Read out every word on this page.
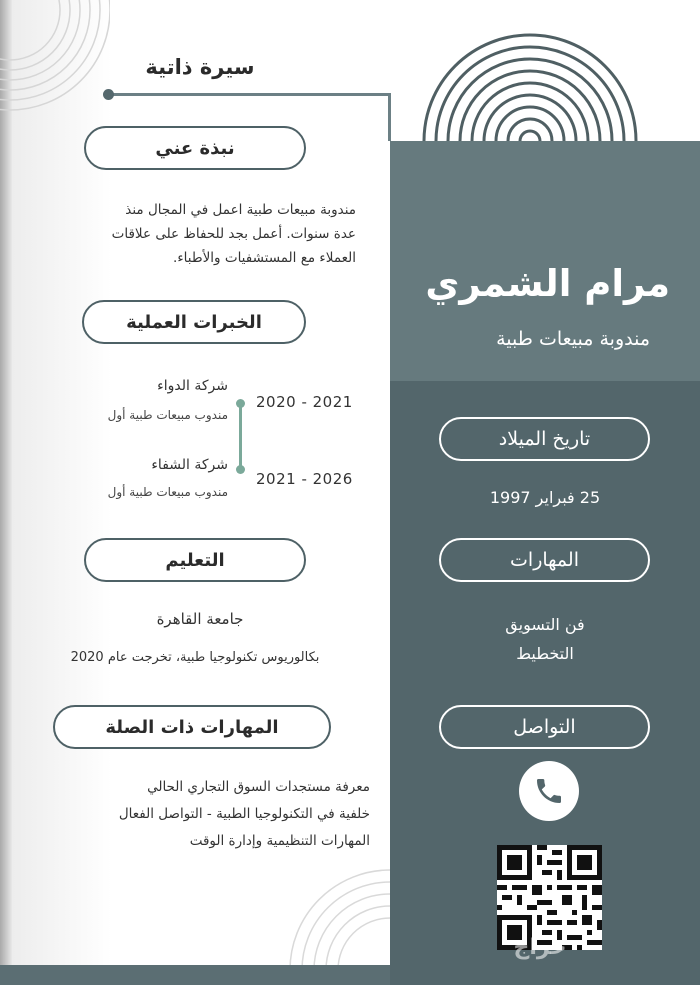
سيرة ذاتية
نبذة عني
مندوبة مبيعات طبية اعمل في المجال منذ
عدة سنوات. أعمل بجد للحفاظ على علاقات
العملاء مع المستشفيات والأطباء.
الخبرات العملية
شركة الدواء
مندوب مبيعات طبية أول
2020 - 2021
شركة الشفاء
مندوب مبيعات طبية أول
2021 - 2026
التعليم
جامعة القاهرة
بكالوريوس تكنولوجيا طبية، تخرجت عام 2020
المهارات ذات الصلة
معرفة مستجدات السوق التجاري الحالي
خلفية في التكنولوجيا الطبية - التواصل الفعال
المهارات التنظيمية وإدارة الوقت
مرام الشمري
مندوبة مبيعات طبية
تاريخ الميلاد
25 فبراير 1997
المهارات
فن التسويق
التخطيط
التواصل
حراج
